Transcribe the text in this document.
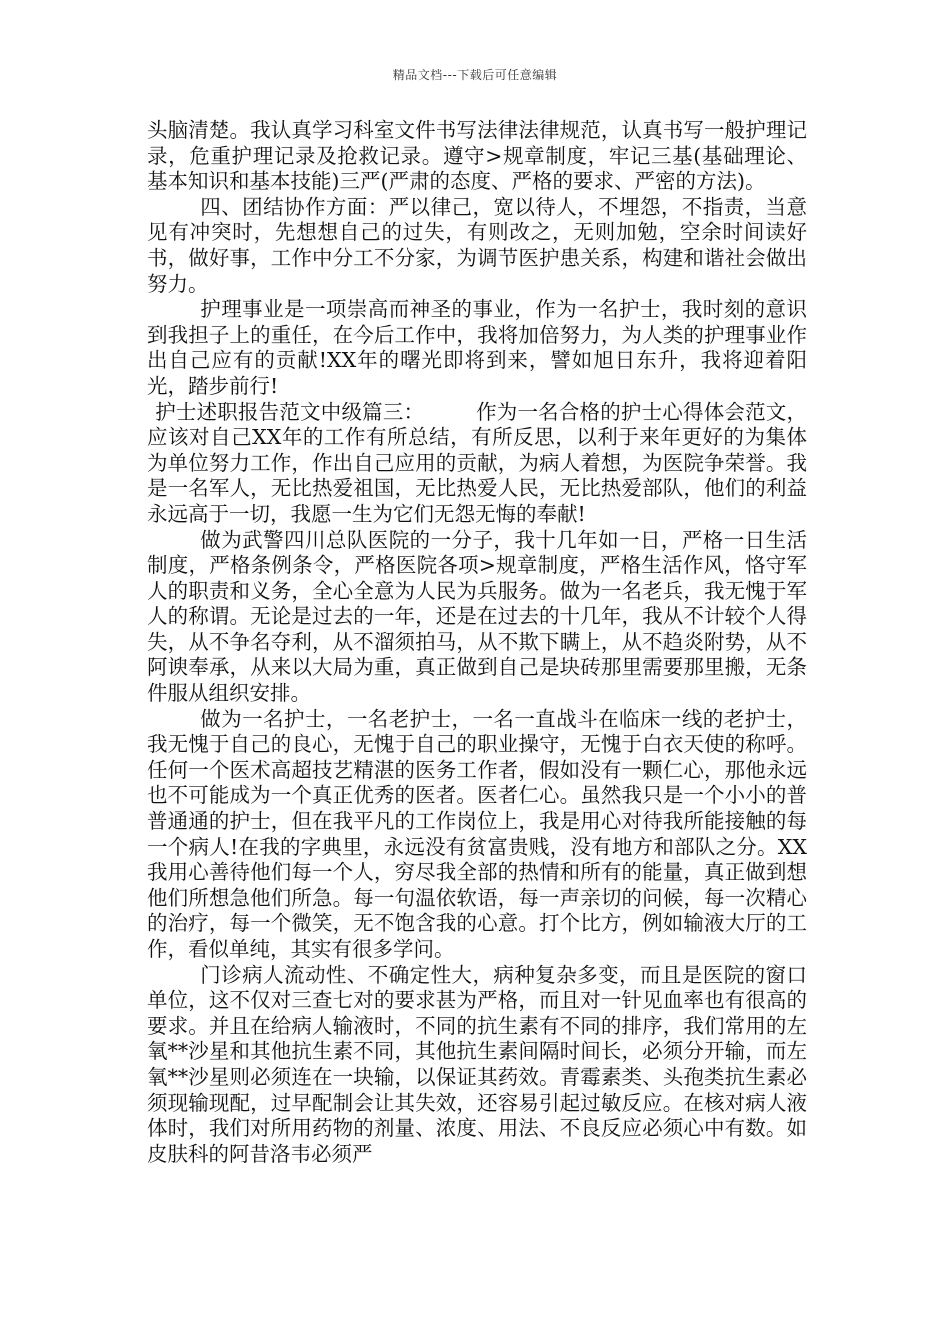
精品文档---下载后可任意编辑

头脑清楚。我认真学习科室文件书写法律法律规范，认真书写一般护理记录，危重护理记录及抢救记录。遵守>规章制度，牢记三基(基础理论、基本知识和基本技能)三严(严肃的态度、严格的要求、严密的方法)。

四、团结协作方面：严以律己，宽以待人，不埋怨，不指责，当意见有冲突时，先想想自己的过失，有则改之，无则加勉，空余时间读好书，做好事，工作中分工不分家，为调节医护患关系，构建和谐社会做出努力。

护理事业是一项崇高而神圣的事业，作为一名护士，我时刻的意识到我担子上的重任，在今后工作中，我将加倍努力，为人类的护理事业作出自己应有的贡献!XX年的曙光即将到来，譬如旭日东升，我将迎着阳光，踏步前行!

护士述职报告范文中级篇三：　　　作为一名合格的护士心得体会范文，应该对自己XX年的工作有所总结，有所反思，以利于来年更好的为集体为单位努力工作，作出自己应用的贡献，为病人着想，为医院争荣誉。我是一名军人，无比热爱祖国，无比热爱人民，无比热爱部队，他们的利益永远高于一切，我愿一生为它们无怨无悔的奉献!

做为武警四川总队医院的一分子，我十几年如一日，严格一日生活制度，严格条例条令，严格医院各项>规章制度，严格生活作风，恪守军人的职责和义务，全心全意为人民为兵服务。做为一名老兵，我无愧于军人的称谓。无论是过去的一年，还是在过去的十几年，我从不计较个人得失，从不争名夺利，从不溜须拍马，从不欺下瞒上，从不趋炎附势，从不阿谀奉承，从来以大局为重，真正做到自己是块砖那里需要那里搬，无条件服从组织安排。

做为一名护士，一名老护士，一名一直战斗在临床一线的老护士，我无愧于自己的良心，无愧于自己的职业操守，无愧于白衣天使的称呼。任何一个医术高超技艺精湛的医务工作者，假如没有一颗仁心，那他永远也不可能成为一个真正优秀的医者。医者仁心。虽然我只是一个小小的普普通通的护士，但在我平凡的工作岗位上，我是用心对待我所能接触的每一个病人!在我的字典里，永远没有贫富贵贱，没有地方和部队之分。XX我用心善待他们每一个人，穷尽我全部的热情和所有的能量，真正做到想他们所想急他们所急。每一句温依软语，每一声亲切的问候，每一次精心的治疗，每一个微笑，无不饱含我的心意。打个比方，例如输液大厅的工作，看似单纯，其实有很多学问。

门诊病人流动性、不确定性大，病种复杂多变，而且是医院的窗口单位，这不仅对三查七对的要求甚为严格，而且对一针见血率也有很高的要求。并且在给病人输液时，不同的抗生素有不同的排序，我们常用的左氧**沙星和其他抗生素不同，其他抗生素间隔时间长，必须分开输，而左氧**沙星则必须连在一块输，以保证其药效。青霉素类、头孢类抗生素必须现输现配，过早配制会让其失效，还容易引起过敏反应。在核对病人液体时，我们对所用药物的剂量、浓度、用法、不良反应必须心中有数。如皮肤科的阿昔洛韦必须严
